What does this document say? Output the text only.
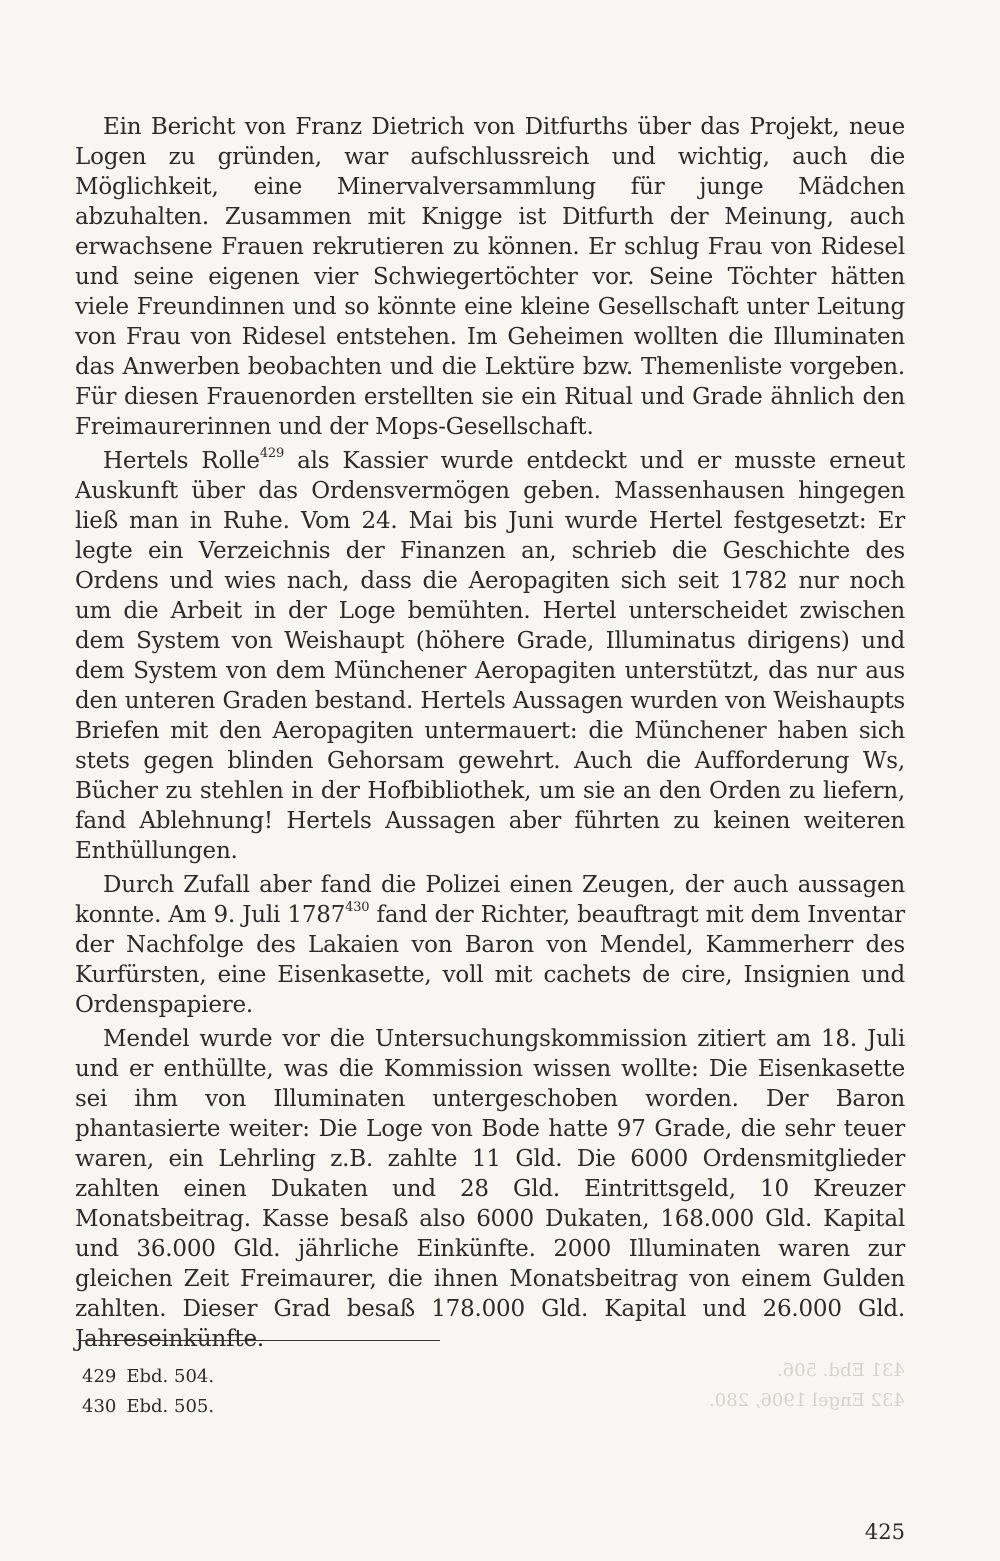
Ein Bericht von Franz Dietrich von Ditfurths über das Projekt, neue Logen zu gründen, war aufschlussreich und wichtig, auch die Möglichkeit, eine Minervalversammlung für junge Mädchen abzuhalten. Zusammen mit Knigge ist Ditfurth der Meinung, auch erwachsene Frauen rekrutieren zu können. Er schlug Frau von Ridesel und seine eigenen vier Schwiegertöchter vor. Seine Töchter hätten viele Freundinnen und so könnte eine kleine Gesellschaft unter Leitung von Frau von Ridesel entstehen. Im Geheimen wollten die Illuminaten das Anwerben beobachten und die Lektüre bzw. Themenliste vorgeben. Für diesen Frauenorden erstellten sie ein Ritual und Grade ähnlich den Freimaurerinnen und der Mops-Gesellschaft.

Hertels Rolle$^{429}$ als Kassier wurde entdeckt und er musste erneut Auskunft über das Ordensvermögen geben. Massenhausen hingegen ließ man in Ruhe. Vom 24. Mai bis Juni wurde Hertel festgesetzt: Er legte ein Verzeichnis der Finanzen an, schrieb die Geschichte des Ordens und wies nach, dass die Aeropagiten sich seit 1782 nur noch um die Arbeit in der Loge bemühten. Hertel unterscheidet zwischen dem System von Weishaupt (höhere Grade, Illuminatus dirigens) und dem System von dem Münchener Aeropagiten unterstützt, das nur aus den unteren Graden bestand. Hertels Aussagen wurden von Weishaupts Briefen mit den Aeropagiten untermauert: die Münchener haben sich stets gegen blinden Gehorsam gewehrt. Auch die Aufforderung Ws, Bücher zu stehlen in der Hofbibliothek, um sie an den Orden zu liefern, fand Ablehnung! Hertels Aussagen aber führten zu keinen weiteren Enthüllungen.

Durch Zufall aber fand die Polizei einen Zeugen, der auch aussagen konnte. Am 9. Juli 1787$^{430}$ fand der Richter, beauftragt mit dem Inventar der Nachfolge des Lakaien von Baron von Mendel, Kammerherr des Kurfürsten, eine Eisenkasette, voll mit cachets de cire, Insignien und Ordenspapiere.

Mendel wurde vor die Untersuchungskommission zitiert am 18. Juli und er enthüllte, was die Kommission wissen wollte: Die Eisenkasette sei ihm von Illuminaten untergeschoben worden. Der Baron phantasierte weiter: Die Loge von Bode hatte 97 Grade, die sehr teuer waren, ein Lehrling z.B. zahlte 11 Gld. Die 6000 Ordensmitglieder zahlten einen Dukaten und 28 Gld. Eintrittsgeld, 10 Kreuzer Monatsbeitrag. Kasse besaß also 6000 Dukaten, 168.000 Gld. Kapital und 36.000 Gld. jährliche Einkünfte. 2000 Illuminaten waren zur gleichen Zeit Freimaurer, die ihnen Monatsbeitrag von einem Gulden zahlten. Dieser Grad besaß 178.000 Gld. Kapital und 26.000 Gld. Jahreseinkünfte.

429 Ebd. 504.

430 Ebd. 505.

431 Ebd. 506.
432 Engel 1906, 280.
425
